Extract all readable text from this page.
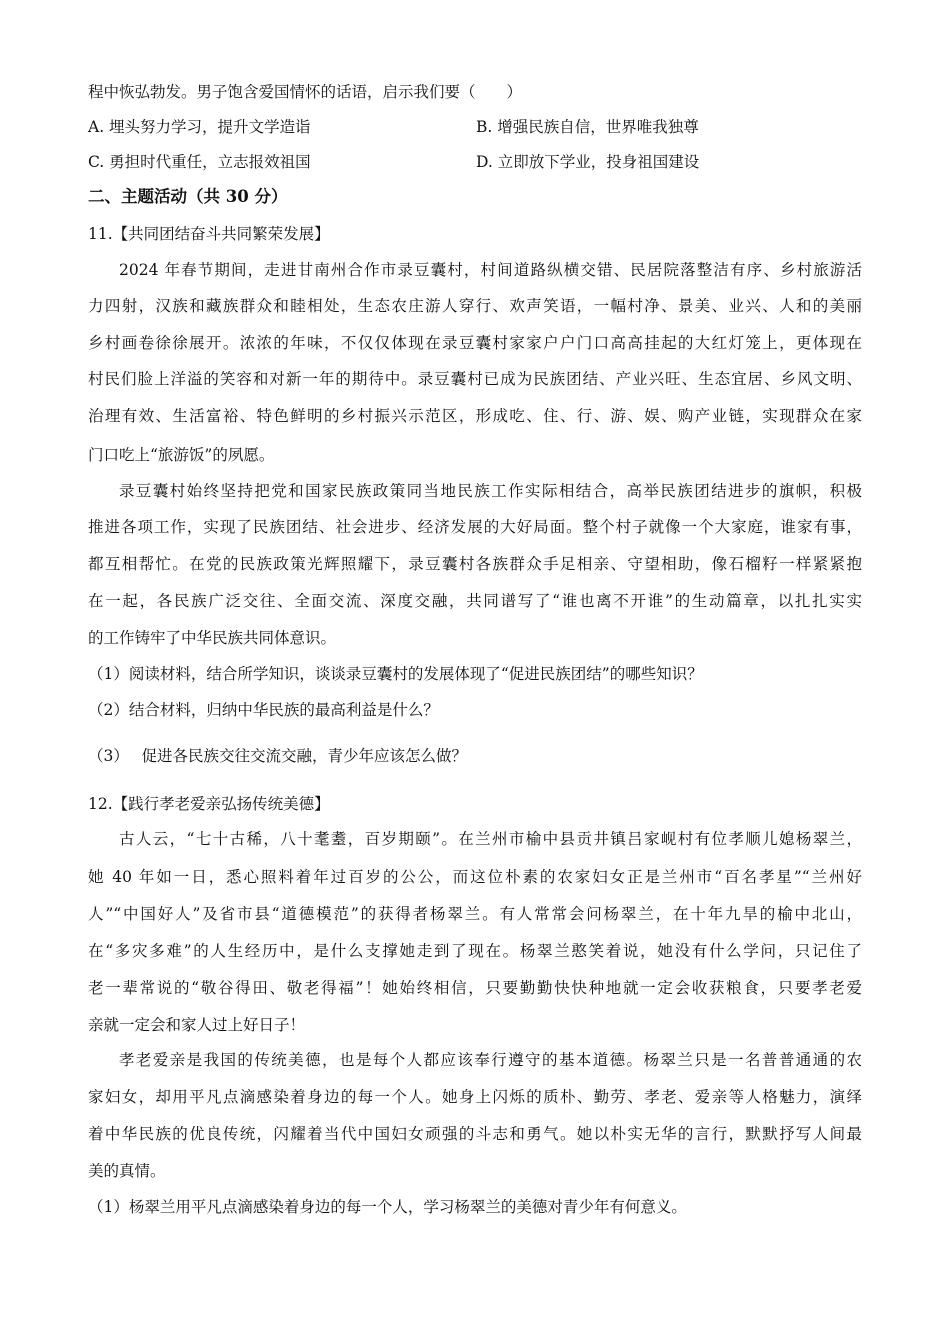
程中恢弘勃发。男子饱含爱国情怀的话语，启示我们要（　　）
A. 埋头努力学习，提升文学造诣	B. 增强民族自信，世界唯我独尊
C. 勇担时代重任，立志报效祖国	D. 立即放下学业，投身祖国建设
二、主题活动（共 30 分）
11.【共同团结奋斗共同繁荣发展】
2024 年春节期间，走进甘南州合作市录豆囊村，村间道路纵横交错、民居院落整洁有序、乡村旅游活
力四射，汉族和藏族群众和睦相处，生态农庄游人穿行、欢声笑语，一幅村净、景美、业兴、人和的美丽
乡村画卷徐徐展开。浓浓的年味，不仅仅体现在录豆囊村家家户户门口高高挂起的大红灯笼上，更体现在
村民们脸上洋溢的笑容和对新一年的期待中。录豆囊村已成为民族团结、产业兴旺、生态宜居、乡风文明、
治理有效、生活富裕、特色鲜明的乡村振兴示范区，形成吃、住、行、游、娱、购产业链，实现群众在家
门口吃上“旅游饭”的夙愿。
录豆囊村始终坚持把党和国家民族政策同当地民族工作实际相结合，高举民族团结进步的旗帜，积极
推进各项工作，实现了民族团结、社会进步、经济发展的大好局面。整个村子就像一个大家庭，谁家有事，
都互相帮忙。在党的民族政策光辉照耀下，录豆囊村各族群众手足相亲、守望相助，像石榴籽一样紧紧抱
在一起，各民族广泛交往、全面交流、深度交融，共同谱写了“谁也离不开谁”的生动篇章，以扎扎实实
的工作铸牢了中华民族共同体意识。
（1）阅读材料，结合所学知识，谈谈录豆囊村的发展体现了“促进民族团结”的哪些知识？
（2）结合材料，归纳中华民族的最高利益是什么？
（3）　 促进各民族交往交流交融，青少年应该怎么做？
12.【践行孝老爱亲弘扬传统美德】
古人云，“七十古稀，八十耄耋，百岁期颐”。在兰州市榆中县贡井镇吕家岘村有位孝顺儿媳杨翠兰，
她 40 年如一日，悉心照料着年过百岁的公公，而这位朴素的农家妇女正是兰州市“百名孝星”“兰州好
人”“中国好人”及省市县“道德模范”的获得者杨翠兰。有人常常会问杨翠兰，在十年九旱的榆中北山，
在“多灾多难”的人生经历中，是什么支撑她走到了现在。杨翠兰憨笑着说，她没有什么学问，只记住了
老一辈常说的“敬谷得田、敬老得福”！她始终相信，只要勤勤快快种地就一定会收获粮食，只要孝老爱
亲就一定会和家人过上好日子！
孝老爱亲是我国的传统美德，也是每个人都应该奉行遵守的基本道德。杨翠兰只是一名普普通通的农
家妇女，却用平凡点滴感染着身边的每一个人。她身上闪烁的质朴、勤劳、孝老、爱亲等人格魅力，演绎
着中华民族的优良传统，闪耀着当代中国妇女顽强的斗志和勇气。她以朴实无华的言行，默默抒写人间最
美的真情。
（1）杨翠兰用平凡点滴感染着身边的每一个人，学习杨翠兰的美德对青少年有何意义。
